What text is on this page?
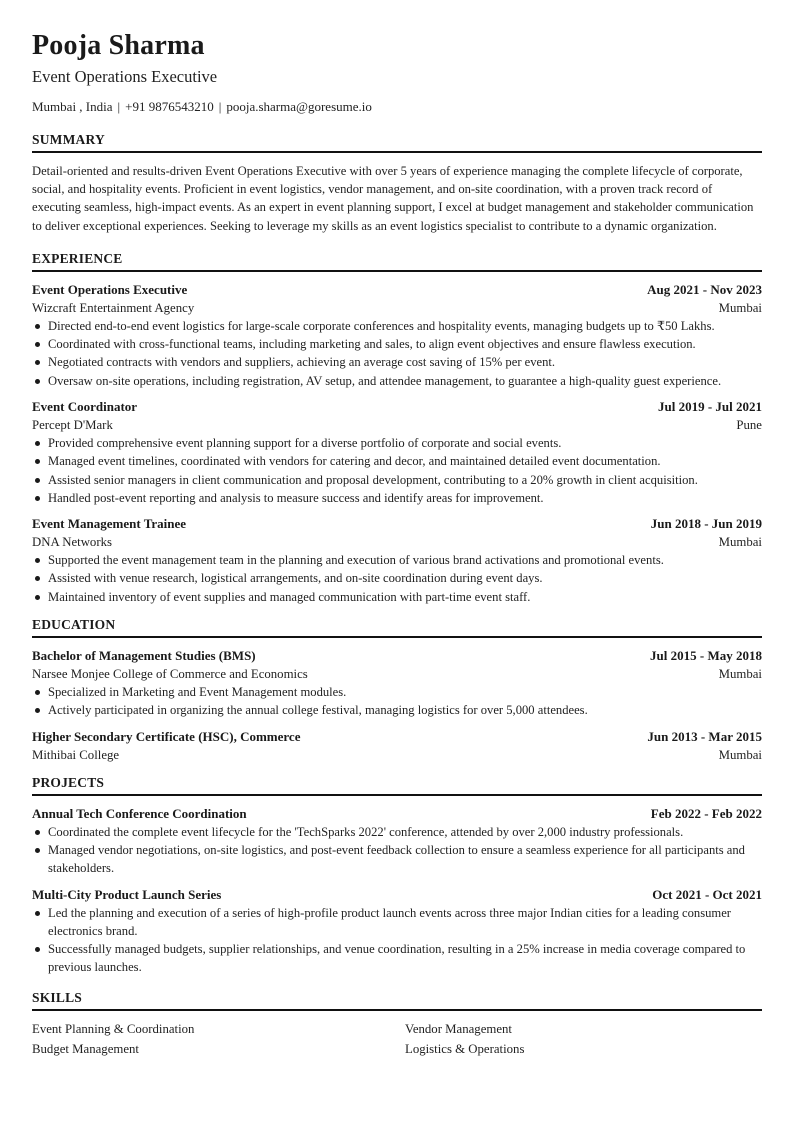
Pooja Sharma
Event Operations Executive
Mumbai , India | +91 9876543210 | pooja.sharma@goresume.io
SUMMARY
Detail-oriented and results-driven Event Operations Executive with over 5 years of experience managing the complete lifecycle of corporate, social, and hospitality events. Proficient in event logistics, vendor management, and on-site coordination, with a proven track record of executing seamless, high-impact events. As an expert in event planning support, I excel at budget management and stakeholder communication to deliver exceptional experiences. Seeking to leverage my skills as an event logistics specialist to contribute to a dynamic organization.
EXPERIENCE
Event Operations Executive	Aug 2021 - Nov 2023
Wizcraft Entertainment Agency	Mumbai
Directed end-to-end event logistics for large-scale corporate conferences and hospitality events, managing budgets up to ₹50 Lakhs.
Coordinated with cross-functional teams, including marketing and sales, to align event objectives and ensure flawless execution.
Negotiated contracts with vendors and suppliers, achieving an average cost saving of 15% per event.
Oversaw on-site operations, including registration, AV setup, and attendee management, to guarantee a high-quality guest experience.
Event Coordinator	Jul 2019 - Jul 2021
Percept D'Mark	Pune
Provided comprehensive event planning support for a diverse portfolio of corporate and social events.
Managed event timelines, coordinated with vendors for catering and decor, and maintained detailed event documentation.
Assisted senior managers in client communication and proposal development, contributing to a 20% growth in client acquisition.
Handled post-event reporting and analysis to measure success and identify areas for improvement.
Event Management Trainee	Jun 2018 - Jun 2019
DNA Networks	Mumbai
Supported the event management team in the planning and execution of various brand activations and promotional events.
Assisted with venue research, logistical arrangements, and on-site coordination during event days.
Maintained inventory of event supplies and managed communication with part-time event staff.
EDUCATION
Bachelor of Management Studies (BMS)	Jul 2015 - May 2018
Narsee Monjee College of Commerce and Economics	Mumbai
Specialized in Marketing and Event Management modules.
Actively participated in organizing the annual college festival, managing logistics for over 5,000 attendees.
Higher Secondary Certificate (HSC), Commerce	Jun 2013 - Mar 2015
Mithibai College	Mumbai
PROJECTS
Annual Tech Conference Coordination	Feb 2022 - Feb 2022
Coordinated the complete event lifecycle for the 'TechSparks 2022' conference, attended by over 2,000 industry professionals.
Managed vendor negotiations, on-site logistics, and post-event feedback collection to ensure a seamless experience for all participants and stakeholders.
Multi-City Product Launch Series	Oct 2021 - Oct 2021
Led the planning and execution of a series of high-profile product launch events across three major Indian cities for a leading consumer electronics brand.
Successfully managed budgets, supplier relationships, and venue coordination, resulting in a 25% increase in media coverage compared to previous launches.
SKILLS
Event Planning & Coordination	Vendor Management
Budget Management	Logistics & Operations
